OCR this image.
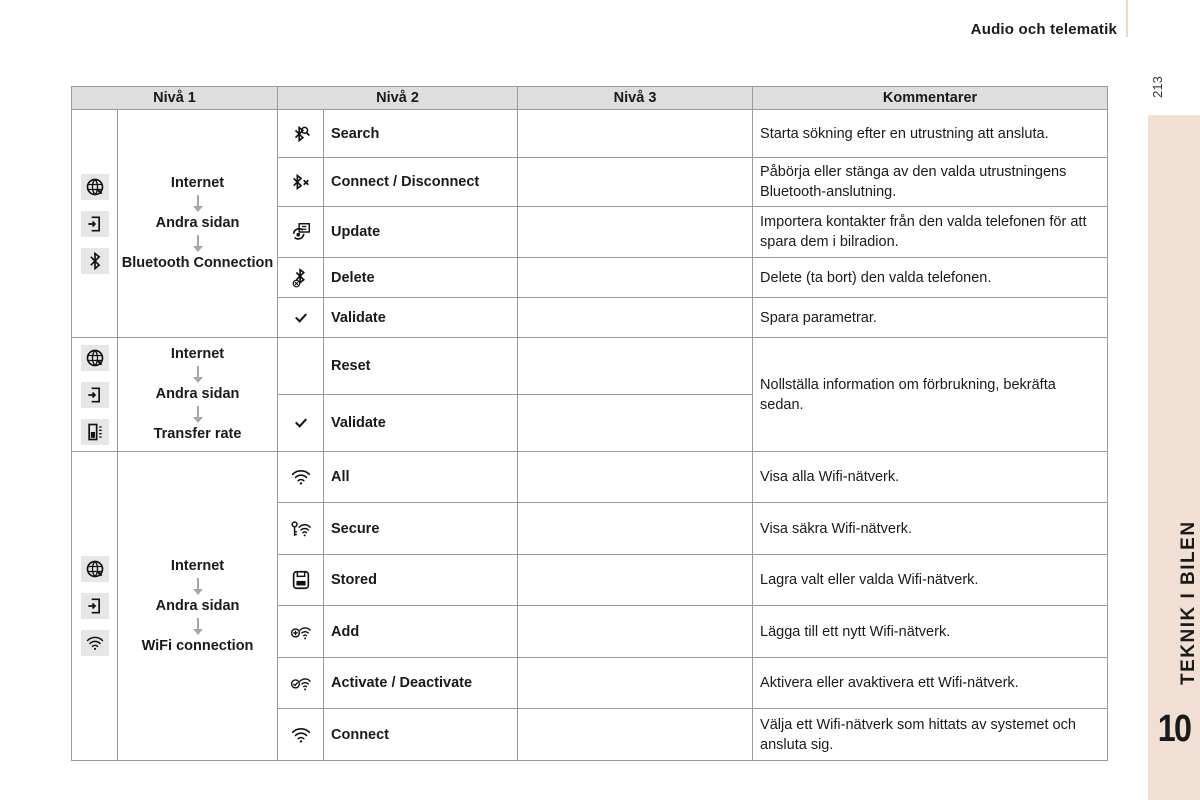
Audio och telematik
213
TEKNIK I BILEN
10
Nivå 1		Nivå 2		Nivå 3	Kommentarer

Internet
Andra sidan
Bluetooth Connection		Search		Starta sökning efter en utrustning att ansluta.
	Connect / Disconnect		Påbörja eller stänga av den valda utrustningens Bluetooth-anslutning.
	Update		Importera kontakter från den valda telefonen för att spara dem i bilradion.
	Delete		Delete (ta bort) den valda telefonen.
	Validate		Spara parametrar.

Internet
Andra sidan
Transfer rate		Reset		Nollställa information om förbrukning, bekräfta sedan.
	Validate		

Internet
Andra sidan
WiFi connection		All		Visa alla Wifi-nätverk.
	Secure		Visa säkra Wifi-nätverk.
	Stored		Lagra valt eller valda Wifi-nätverk.
	Add		Lägga till ett nytt Wifi-nätverk.
	Activate / Deactivate		Aktivera eller avaktivera ett Wifi-nätverk.
	Connect		Välja ett Wifi-nätverk som hittats av systemet och ansluta sig.
